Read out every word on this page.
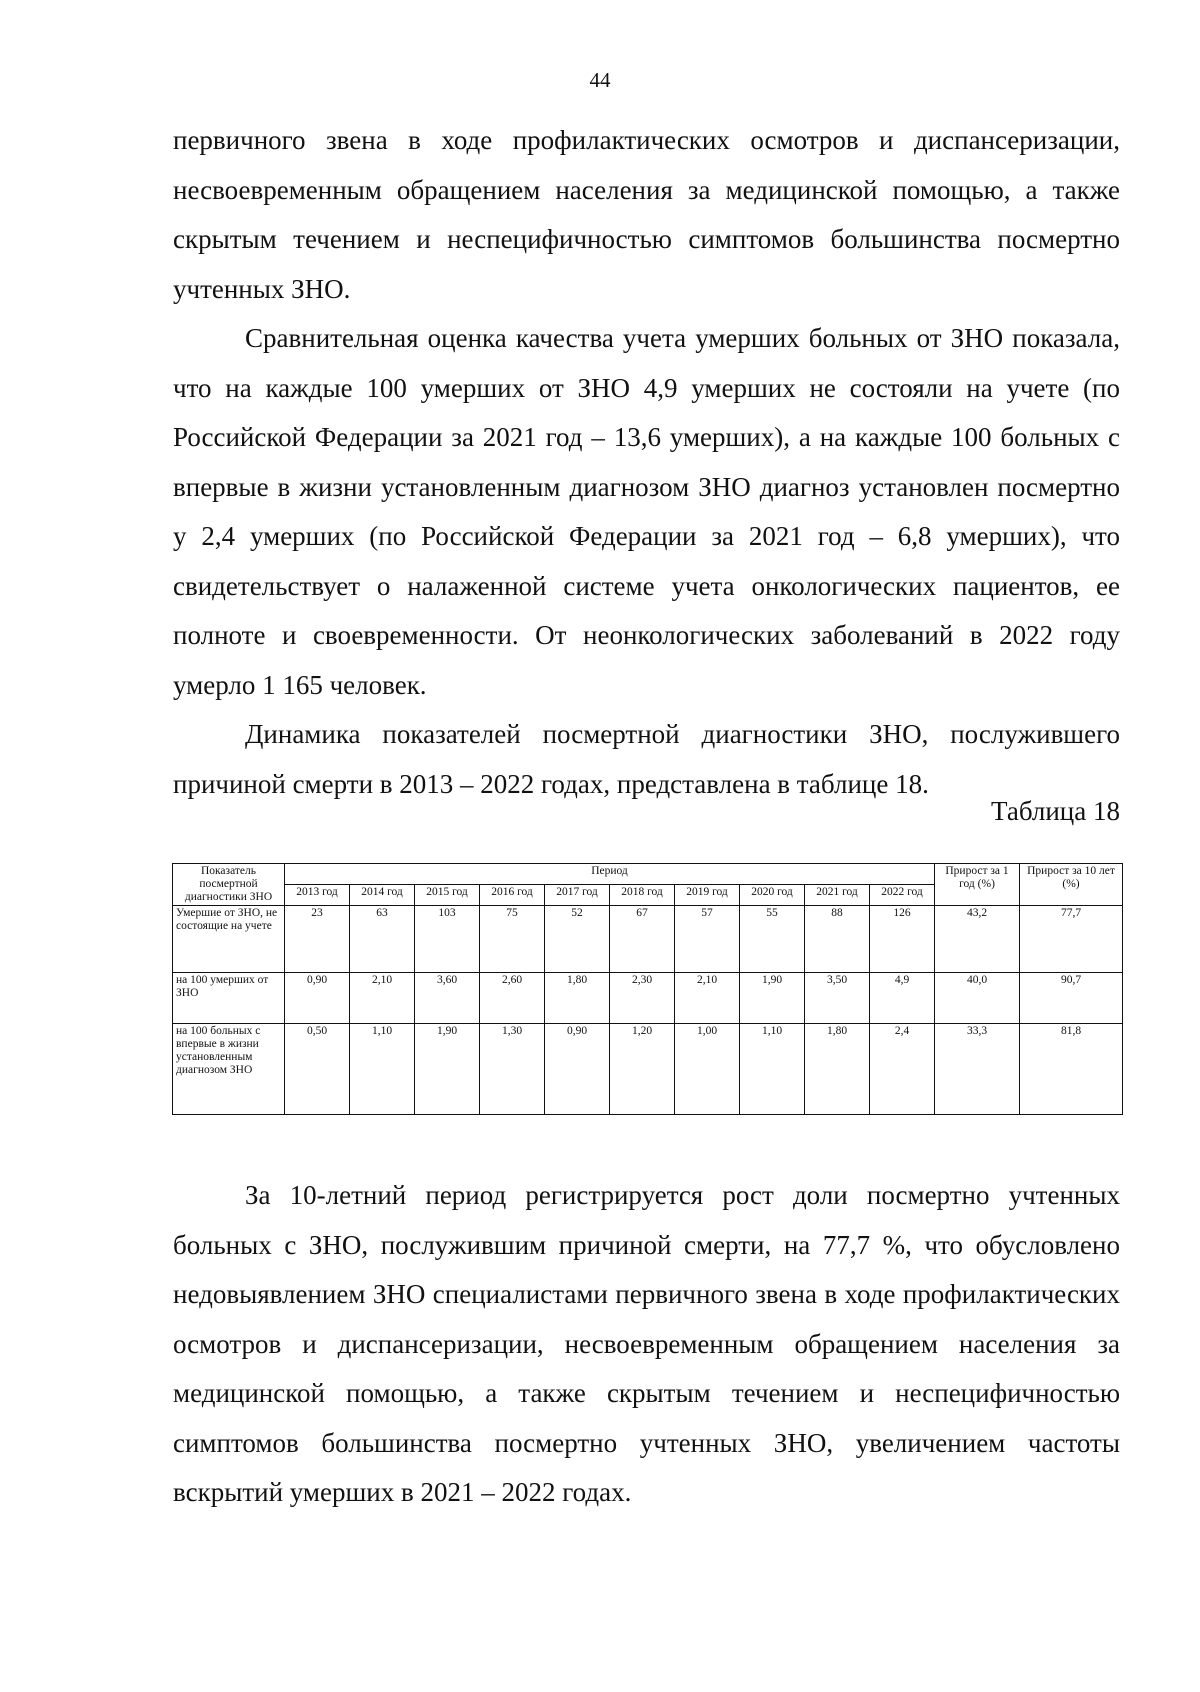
44

первичного звена в ходе профилактических осмотров и диспансеризации, несвоевременным обращением населения за медицинской помощью, а также скрытым течением и неспецифичностью симптомов большинства посмертно учтенных ЗНО.

Сравнительная оценка качества учета умерших больных от ЗНО показала, что на каждые 100 умерших от ЗНО 4,9 умерших не состояли на учете (по Российской Федерации за 2021 год – 13,6 умерших), а на каждые 100 больных с впервые в жизни установленным диагнозом ЗНО диагноз установлен посмертно у 2,4 умерших (по Российской Федерации за 2021 год – 6,8 умерших), что свидетельствует о налаженной системе учета онкологических пациентов, ее полноте и своевременности. От неонкологических заболеваний в 2022 году умерло 1 165 человек.

Динамика показателей посмертной диагностики ЗНО, послужившего причиной смерти в 2013 – 2022 годах, представлена в таблице 18.

Таблица 18
Показатель посмертной диагностики ЗНО	Период										Прирост за 1 год (%)	Прирост за 10 лет (%)
	2013 год	2014 год	2015 год	2016 год	2017 год	2018 год	2019 год	2020 год	2021 год	2022 год		
Умершие от ЗНО, не состоящие на учете	23	63	103	75	52	67	57	55	88	126	43,2	77,7
на 100 умерших от ЗНО	0,90	2,10	3,60	2,60	1,80	2,30	2,10	1,90	3,50	4,9	40,0	90,7
на 100 больных с впервые в жизни установленным диагнозом ЗНО	0,50	1,10	1,90	1,30	0,90	1,20	1,00	1,10	1,80	2,4	33,3	81,8

За 10-летний период регистрируется рост доли посмертно учтенных больных с ЗНО, послужившим причиной смерти, на 77,7 %, что обусловлено недовыявлением ЗНО специалистами первичного звена в ходе профилактических осмотров и диспансеризации, несвоевременным обращением населения за медицинской помощью, а также скрытым течением и неспецифичностью симптомов большинства посмертно учтенных ЗНО, увеличением частоты вскрытий умерших в 2021 – 2022 годах.
